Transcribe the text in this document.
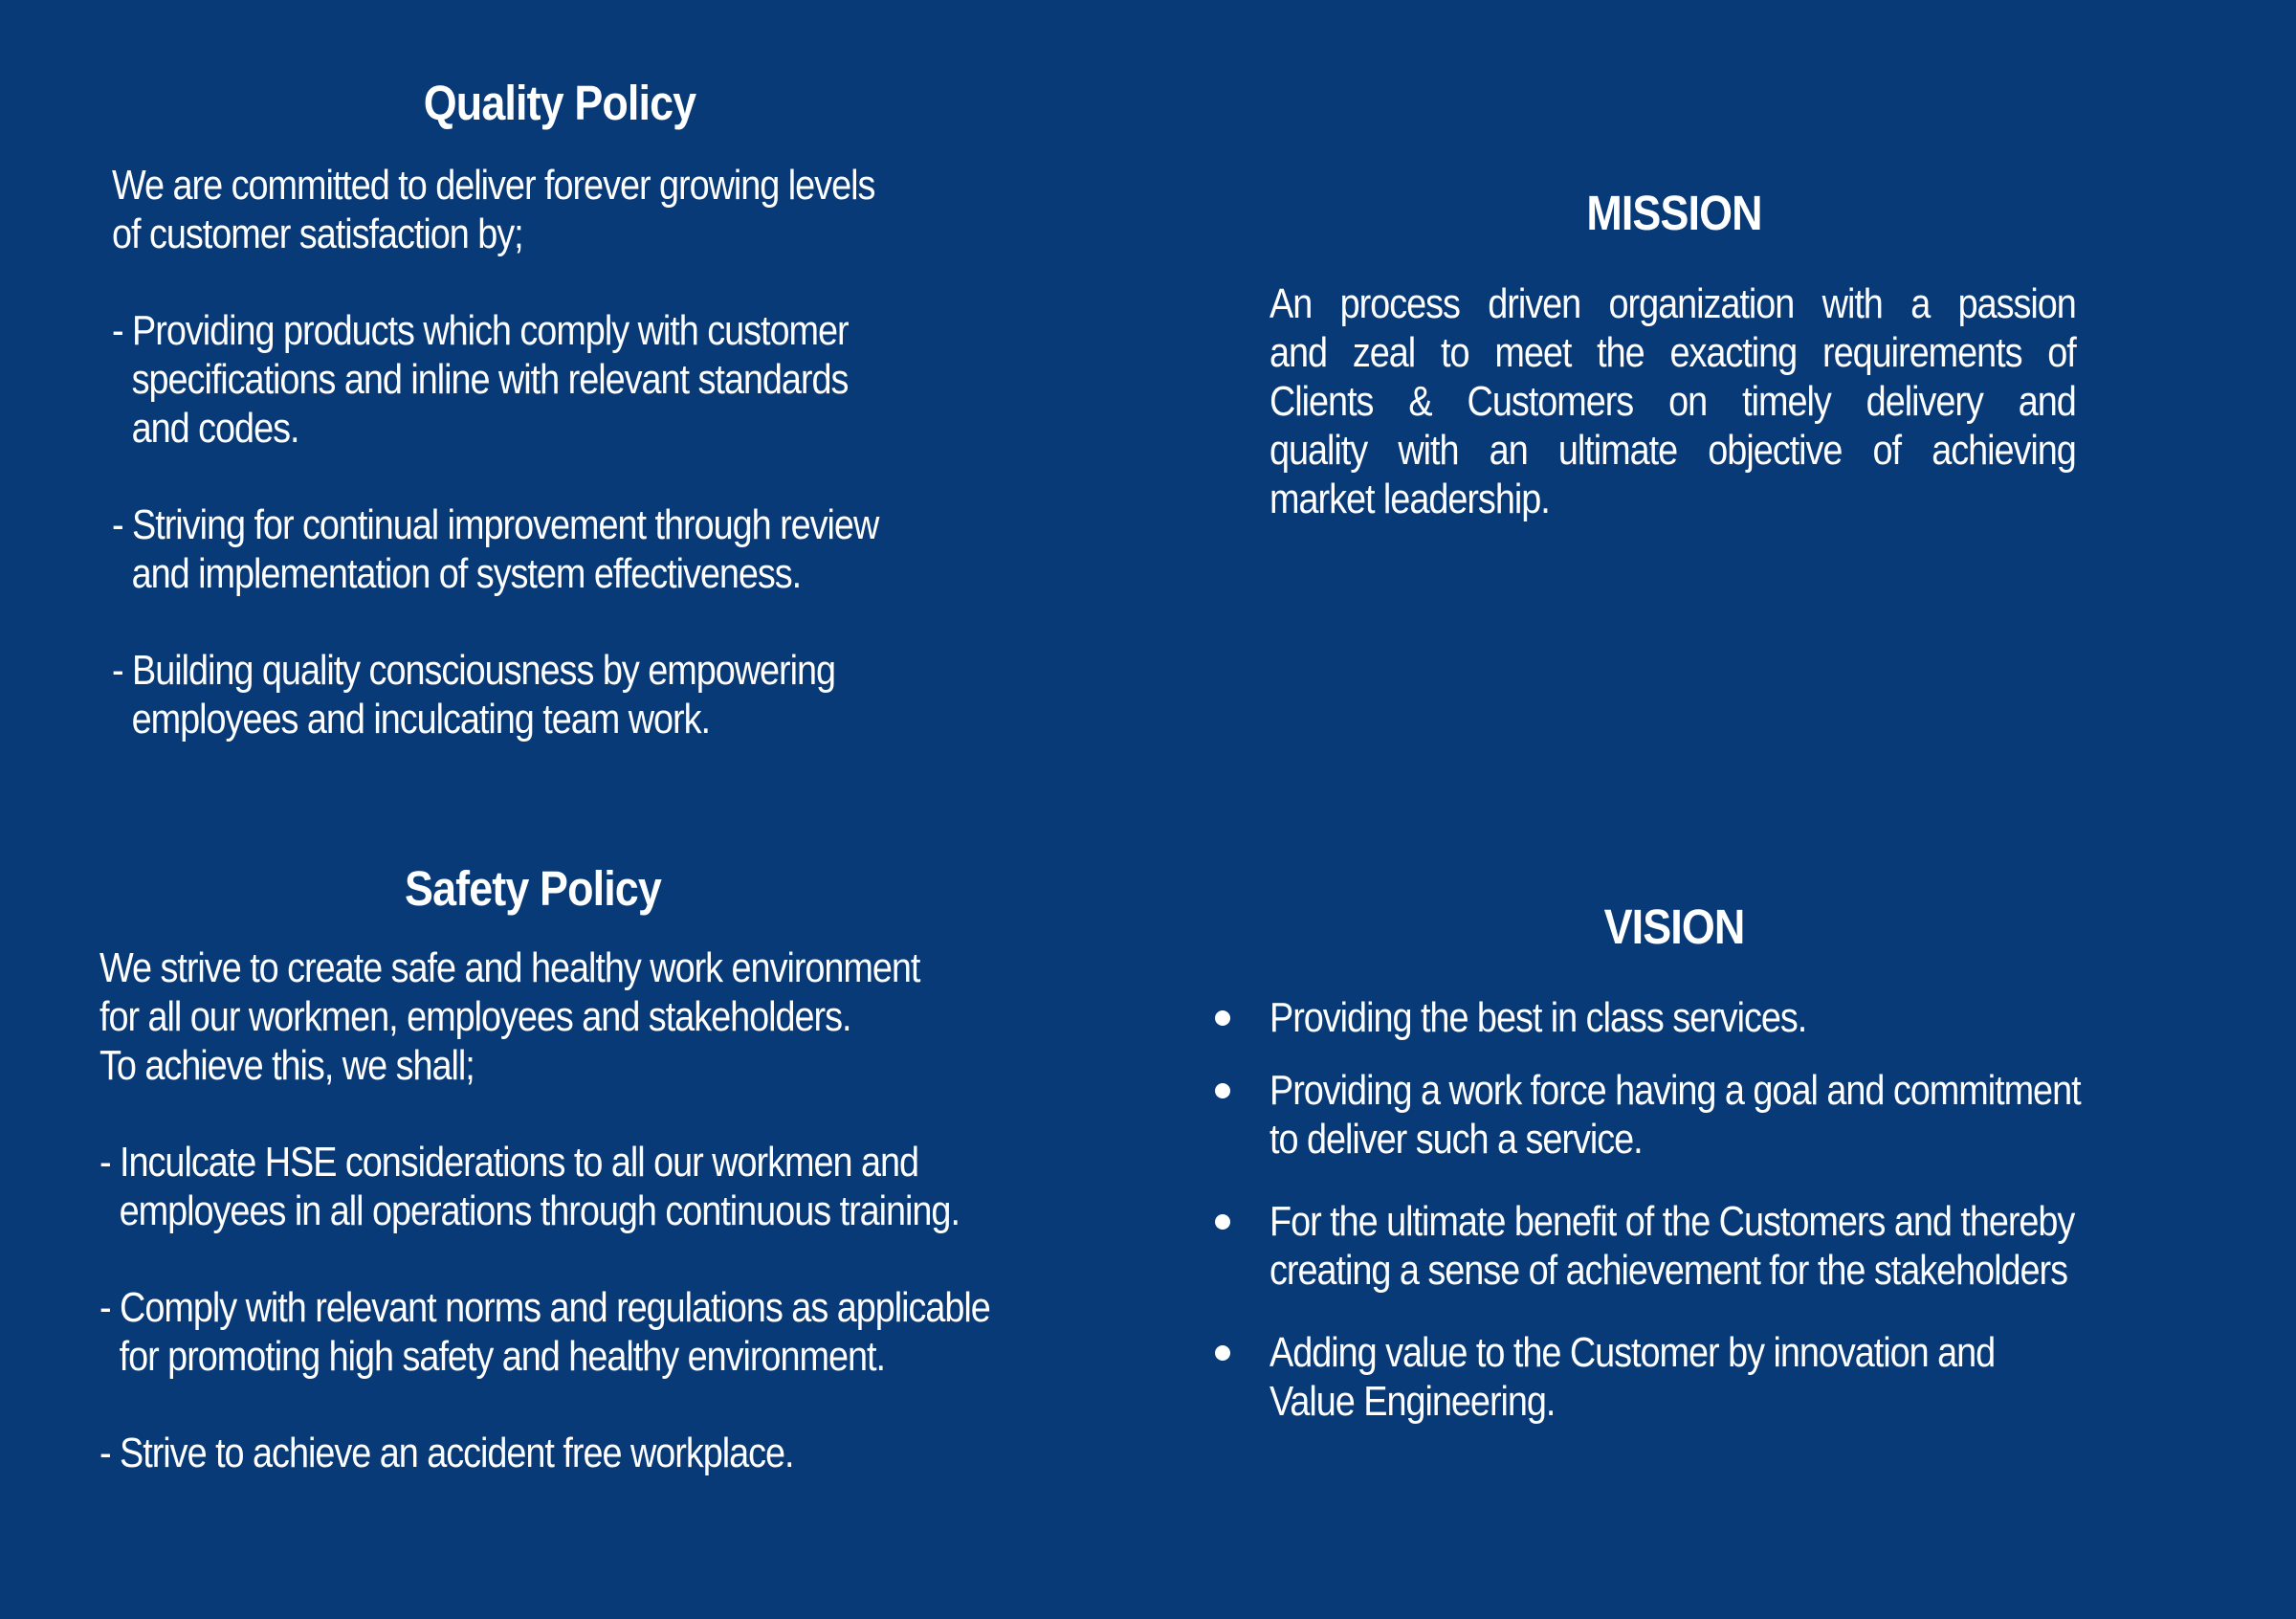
Quality Policy
We are committed to deliver forever growing levels
of customer satisfaction by;
- Providing products which comply with customer
specifications and inline with relevant standards
and codes.
- Striving for continual improvement through review
and implementation of system effectiveness.
- Building quality consciousness by empowering
employees and inculcating team work.
MISSION
An process driven organization with a passion
and zeal to meet the exacting requirements of
Clients & Customers on timely delivery and
quality with an ultimate objective of achieving
market leadership.
Safety Policy
We strive to create safe and healthy work environment
for all our workmen, employees and stakeholders.
To achieve this, we shall;
- Inculcate HSE considerations to all our workmen and
employees in all operations through continuous training.
- Comply with relevant norms and regulations as applicable
for promoting high safety and healthy environment.
- Strive to achieve an accident free workplace.
VISION
Providing the best in class services.
Providing a work force having a goal and commitment
to deliver such a service.
For the ultimate benefit of the Customers and thereby
creating a sense of achievement for the stakeholders
Adding value to the Customer by innovation and
Value Engineering.
